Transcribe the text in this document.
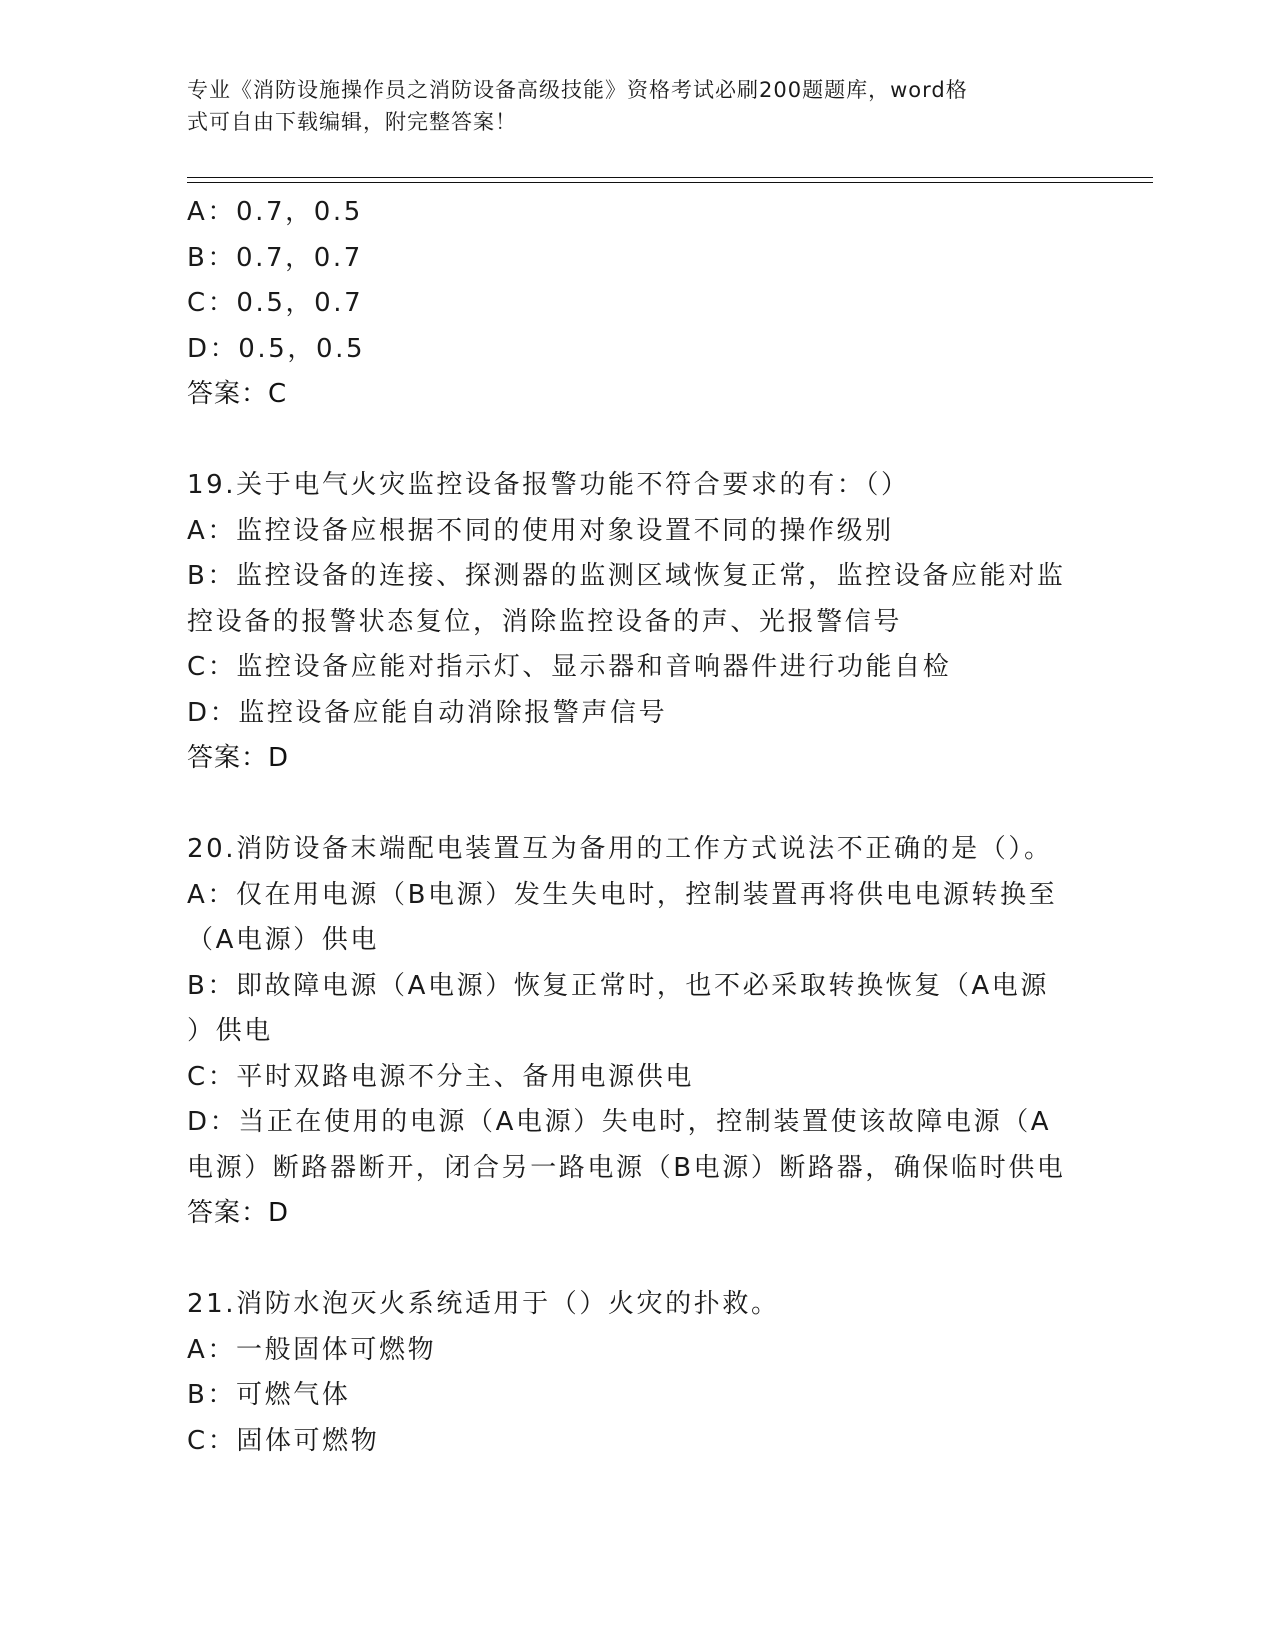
专业《消防设施操作员之消防设备高级技能》资格考试必刷200题题库，word格
式可自由下载编辑，附完整答案！
A：0.7，0.5
B：0.7，0.7
C：0.5，0.7
D：0.5，0.5
答案：C
19.关于电气火灾监控设备报警功能不符合要求的有：（）
A：监控设备应根据不同的使用对象设置不同的操作级别
B：监控设备的连接、探测器的监测区域恢复正常，监控设备应能对监
控设备的报警状态复位，消除监控设备的声、光报警信号
C：监控设备应能对指示灯、显示器和音响器件进行功能自检
D：监控设备应能自动消除报警声信号
答案：D
20.消防设备末端配电装置互为备用的工作方式说法不正确的是（）。
A：仅在用电源（B电源）发生失电时，控制装置再将供电电源转换至
（A电源）供电
B：即故障电源（A电源）恢复正常时，也不必采取转换恢复（A电源
）供电
C：平时双路电源不分主、备用电源供电
D：当正在使用的电源（A电源）失电时，控制装置使该故障电源（A
电源）断路器断开，闭合另一路电源（B电源）断路器，确保临时供电
答案：D
21.消防水泡灭火系统适用于（）火灾的扑救。
A：一般固体可燃物
B：可燃气体
C：固体可燃物
